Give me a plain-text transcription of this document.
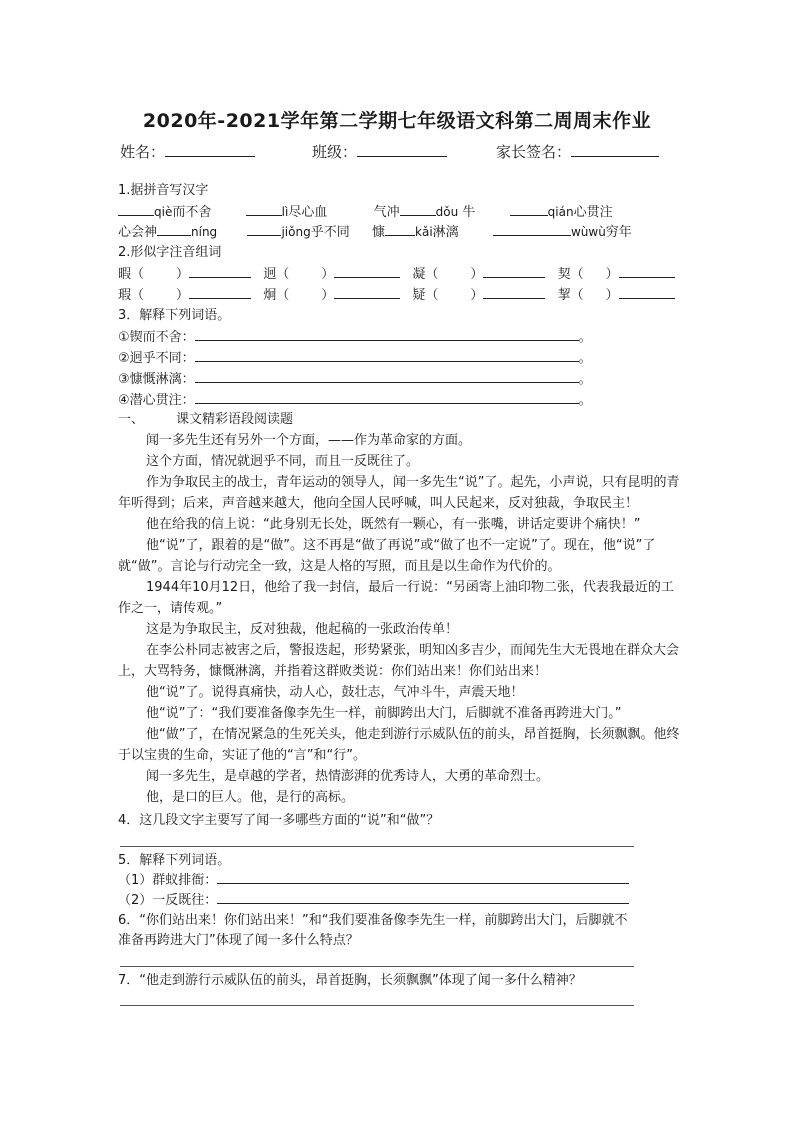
2020年-2021学年第二学期七年级语文科第二周周末作业
姓名：	班级：	家长签名：
1.据拼音写汉字
qiè而不舍	lì尽心血	气冲	dǒu 牛	qián心贯注
心会神	níng	jiǒng乎不同 慷	kǎi淋漓	wùwù穷年
2.形似字注音组词
暇（ ）	迥（ ）	凝（ ）	契（ ）
瑕（ ）	炯（ ）	疑（ ）	挈（ ）
3．解释下列词语。
①锲而不舍：	。
②迥乎不同：	。
③慷慨淋漓：	。
④潜心贯注：	。
一、 课文精彩语段阅读题

闻一多先生还有另外一个方面，——作为革命家的方面。

这个方面，情况就迥乎不同，而且一反既往了。

作为争取民主的战士，青年运动的领导人，闻一多先生“说”了。起先，小声说，只有昆明的青年听得到；后来，声音越来越大，他向全国人民呼喊，叫人民起来，反对独裁，争取民主！

他在给我的信上说：“此身别无长处，既然有一颗心，有一张嘴，讲话定要讲个痛快！”

他“说”了，跟着的是“做”。这不再是“做了再说”或“做了也不一定说”了。现在，他“说”了就“做”。言论与行动完全一致，这是人格的写照，而且是以生命作为代价的。

1944年10月12日，他给了我一封信，最后一行说：“另函寄上油印物二张，代表我最近的工作之一，请传观。”

这是为争取民主，反对独裁，他起稿的一张政治传单！

在李公朴同志被害之后，警报迭起，形势紧张，明知凶多吉少，而闻先生大无畏地在群众大会上，大骂特务，慷慨淋漓，并指着这群败类说：你们站出来！你们站出来！

他“说”了。说得真痛快，动人心，鼓壮志，气冲斗牛，声震天地！

他“说”了：“我们要准备像李先生一样，前脚跨出大门，后脚就不准备再跨进大门。”

他“做”了，在情况紧急的生死关头，他走到游行示威队伍的前头，昂首挺胸，长须飘飘。他终于以宝贵的生命，实证了他的“言”和“行”。

闻一多先生，是卓越的学者，热情澎湃的优秀诗人，大勇的革命烈士。

他，是口的巨人。他，是行的高标。

4．这几段文字主要写了闻一多哪些方面的“说”和“做”？
5．解释下列词语。
（1）群蚁排衙：
（2）一反既往：
6．“你们站出来！你们站出来！”和“我们要准备像李先生一样，前脚跨出大门，后脚就不
准备再跨进大门”体现了闻一多什么特点？
7．“他走到游行示威队伍的前头，昂首挺胸，长须飘飘”体现了闻一多什么精神？
